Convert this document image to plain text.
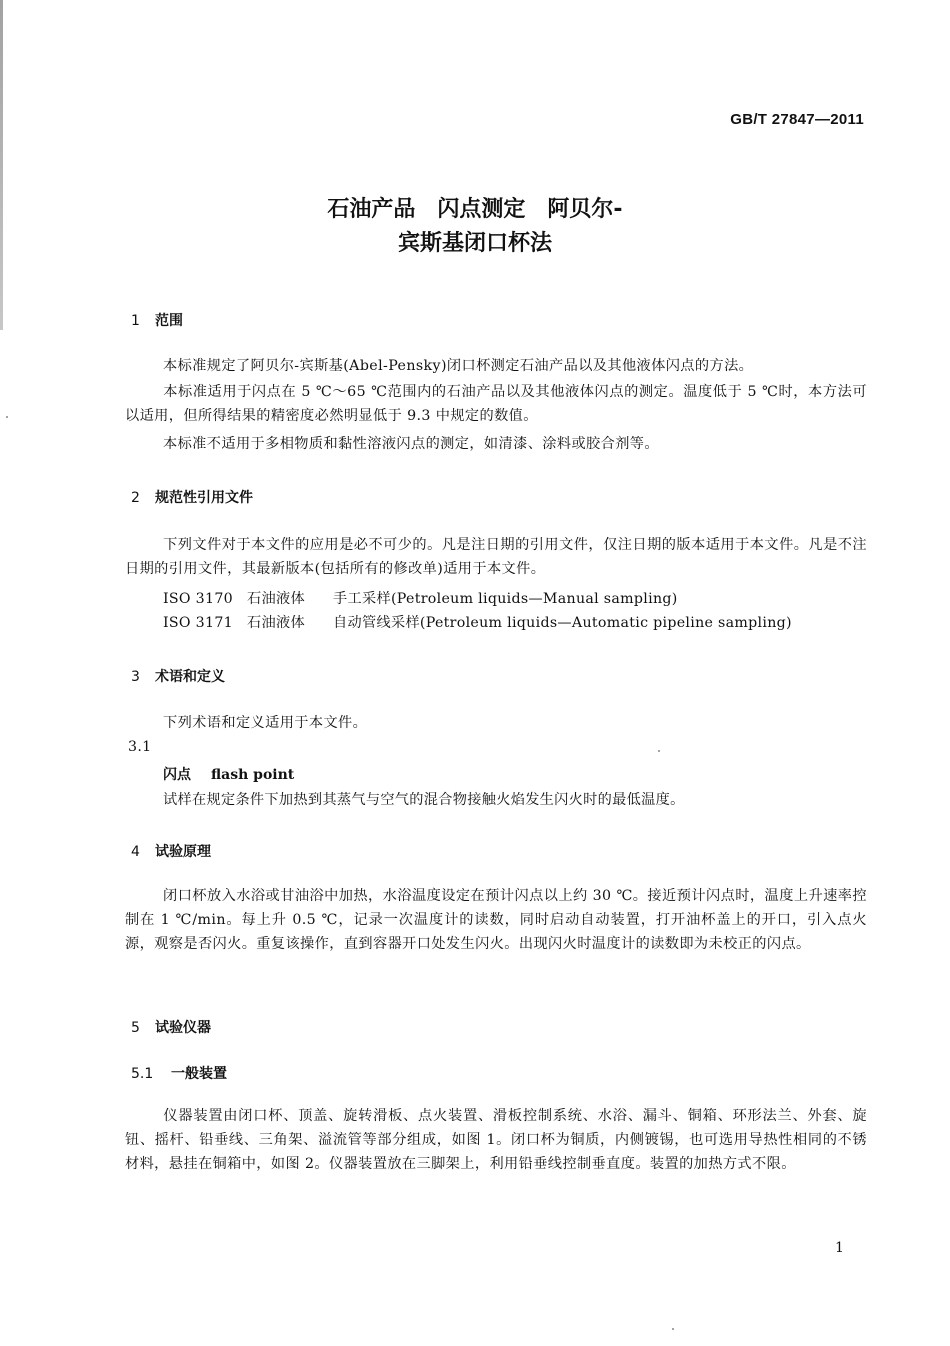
GB/T 27847—2011
石油产品　闪点测定　阿贝尔-
宾斯基闭口杯法
1 范围
本标准规定了阿贝尔-宾斯基(Abel-Pensky)闭口杯测定石油产品以及其他液体闪点的方法。
本标准适用于闪点在 5 ℃～65 ℃范围内的石油产品以及其他液体闪点的测定。温度低于 5 ℃时，本方法可以适用，但所得结果的精密度必然明显低于 9.3 中规定的数值。
本标准不适用于多相物质和黏性溶液闪点的测定，如清漆、涂料或胶合剂等。
2 规范性引用文件
下列文件对于本文件的应用是必不可少的。凡是注日期的引用文件，仅注日期的版本适用于本文件。凡是不注日期的引用文件，其最新版本(包括所有的修改单)适用于本文件。
ISO 3170 石油液体 手工采样(Petroleum liquids—Manual sampling)
ISO 3171 石油液体 自动管线采样(Petroleum liquids—Automatic pipeline sampling)
3 术语和定义
下列术语和定义适用于本文件。
3.1
闪点 flash point
试样在规定条件下加热到其蒸气与空气的混合物接触火焰发生闪火时的最低温度。
4 试验原理
闭口杯放入水浴或甘油浴中加热，水浴温度设定在预计闪点以上约 30 ℃。接近预计闪点时，温度上升速率控制在 1 ℃/min。每上升 0.5 ℃，记录一次温度计的读数，同时启动自动装置，打开油杯盖上的开口，引入点火源，观察是否闪火。重复该操作，直到容器开口处发生闪火。出现闪火时温度计的读数即为未校正的闪点。
5 试验仪器
5.1 一般装置
仪器装置由闭口杯、顶盖、旋转滑板、点火装置、滑板控制系统、水浴、漏斗、铜箱、环形法兰、外套、旋钮、摇杆、铅垂线、三角架、溢流管等部分组成，如图 1。闭口杯为铜质，内侧镀锡，也可选用导热性相同的不锈材料，悬挂在铜箱中，如图 2。仪器装置放在三脚架上，利用铅垂线控制垂直度。装置的加热方式不限。
1
